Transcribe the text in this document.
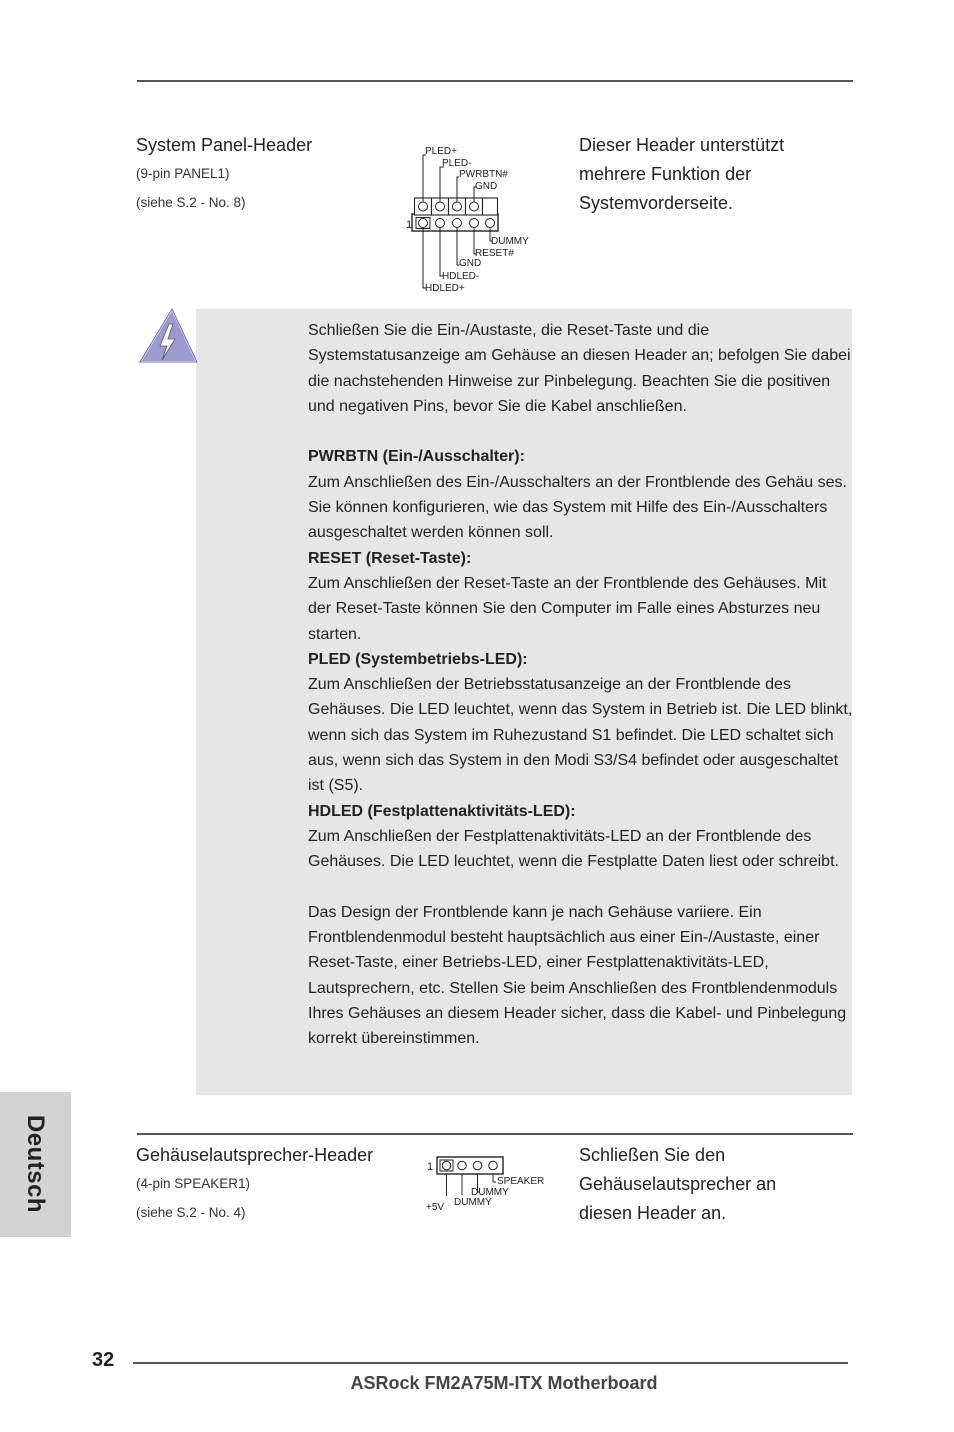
System Panel-Header
(9-pin PANEL1)
(siehe S.2 - No. 8)
1
PLED+
PLED-
PWRBTN#
GND
DUMMY
RESET#
GND
HDLED-
HDLED+
Dieser Header unterstützt
mehrere Funktion der
Systemvorderseite.

Schließen Sie die Ein-/Austaste, die Reset-Taste und die Systemstatusanzeige am Gehäuse an diesen Header an; befolgen Sie dabei die nachstehenden Hinweise zur Pinbelegung. Beachten Sie die positiven und negativen Pins, bevor Sie die Kabel anschließen.

PWRBTN (Ein-/Ausschalter):

Zum Anschließen des Ein-/Ausschalters an der Frontblende des Gehäu ses. Sie können konfigurieren, wie das System mit Hilfe des Ein-/Ausschalters ausgeschaltet werden können soll.

RESET (Reset-Taste):

Zum Anschließen der Reset-Taste an der Frontblende des Gehäuses. Mit der Reset-Taste können Sie den Computer im Falle eines Absturzes neu starten.

PLED (Systembetriebs-LED):

Zum Anschließen der Betriebsstatusanzeige an der Frontblende des Gehäuses. Die LED leuchtet, wenn das System in Betrieb ist. Die LED blinkt, wenn sich das System im Ruhezustand S1 befindet. Die LED schaltet sich aus, wenn sich das System in den Modi S3/S4 befindet oder ausgeschaltet ist (S5).

HDLED (Festplattenaktivitäts-LED):

Zum Anschließen der Festplattenaktivitäts-LED an der Frontblende des Gehäuses. Die LED leuchtet, wenn die Festplatte Daten liest oder schreibt.

Das Design der Frontblende kann je nach Gehäuse variiere. Ein Frontblendenmodul besteht hauptsächlich aus einer Ein-/Austaste, einer Reset-Taste, einer Betriebs-LED, einer Festplattenaktivitäts-LED, Lautsprechern, etc. Stellen Sie beim Anschließen des Frontblendenmoduls Ihres Gehäuses an diesem Header sicher, dass die Kabel- und Pinbelegung korrekt übereinstimmen.

Gehäuselautsprecher-Header
(4-pin SPEAKER1)
(siehe S.2 - No. 4)
1
SPEAKER
DUMMY
+5V DUMMY
Schließen Sie den
Gehäuselautsprecher an
diesen Header an.
Deutsch
32
ASRock FM2A75M-ITX Motherboard
